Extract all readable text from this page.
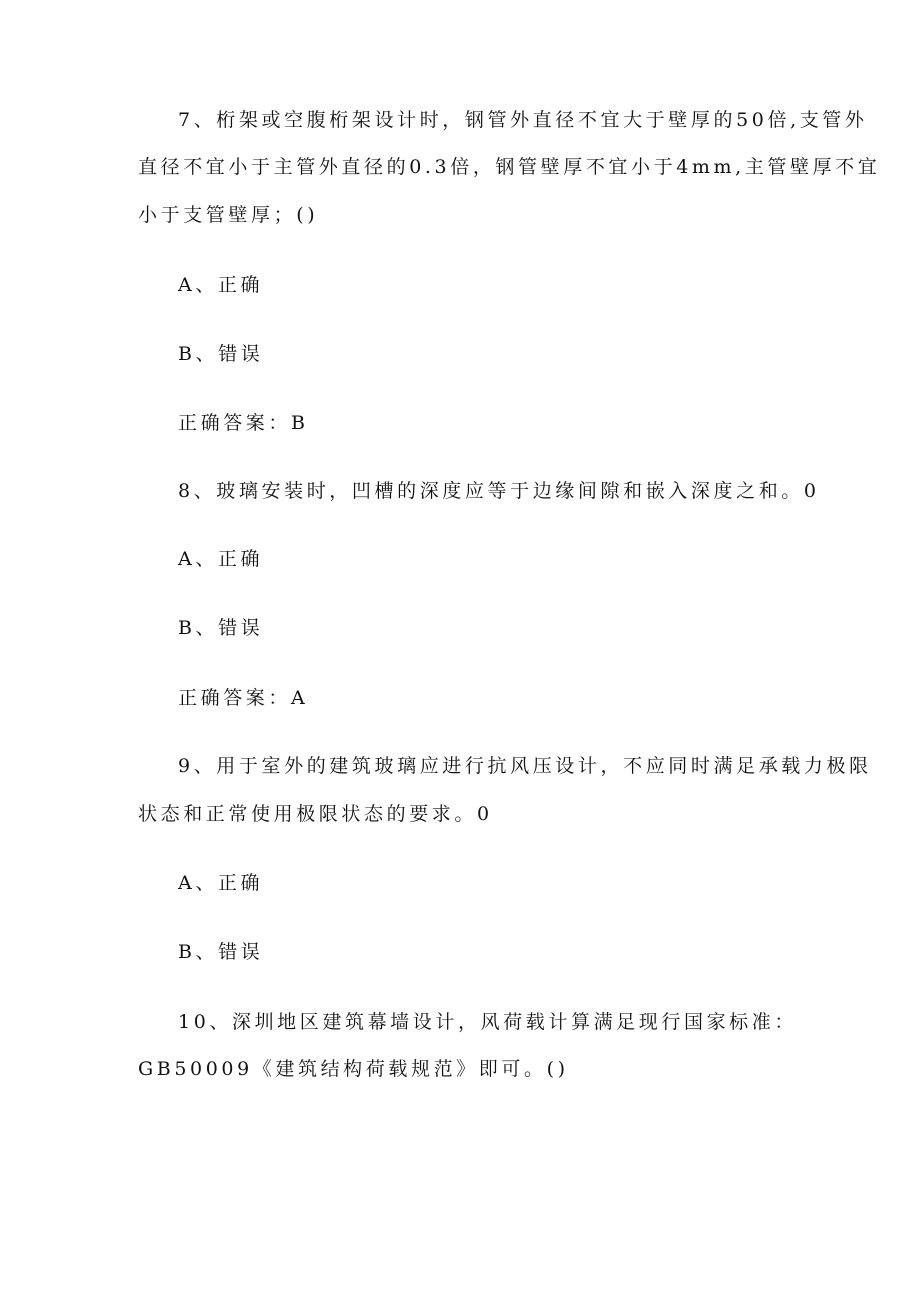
7、桁架或空腹桁架设计时，钢管外直径不宜大于壁厚的50倍,支管外
直径不宜小于主管外直径的0.3倍，钢管壁厚不宜小于4mm,主管壁厚不宜
小于支管壁厚；()
A、正确
B、错误
正确答案：B
8、玻璃安装时，凹槽的深度应等于边缘间隙和嵌入深度之和。0
A、正确
B、错误
正确答案：A
9、用于室外的建筑玻璃应进行抗风压设计，不应同时满足承载力极限
状态和正常使用极限状态的要求。0
A、正确
B、错误
10、深圳地区建筑幕墙设计，风荷载计算满足现行国家标准：
GB50009《建筑结构荷载规范》即可。()
